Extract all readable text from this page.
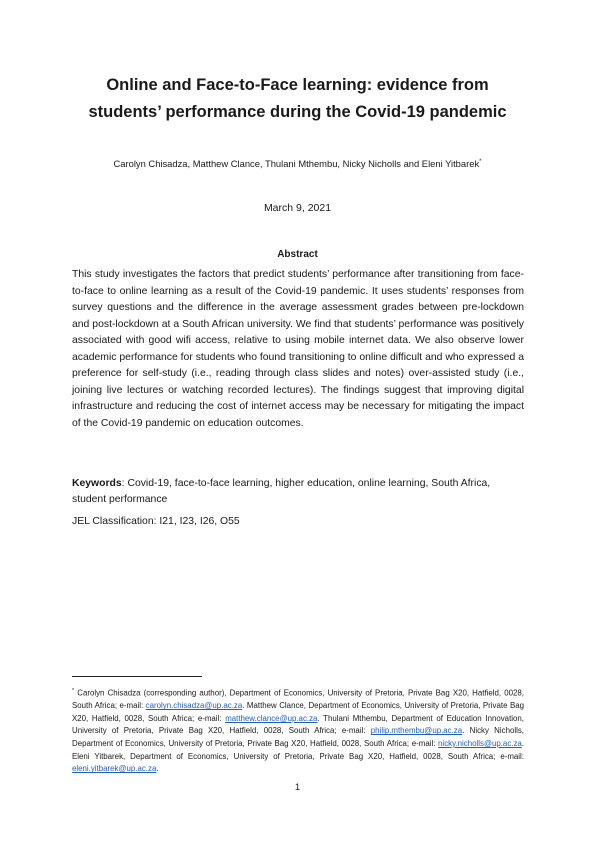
Online and Face-to-Face learning: evidence from
students’ performance during the Covid-19 pandemic
Carolyn Chisadza, Matthew Clance, Thulani Mthembu, Nicky Nicholls and Eleni Yitbarek*
March 9, 2021
Abstract

This study investigates the factors that predict students’ performance after transitioning from face-to-face to online learning as a result of the Covid-19 pandemic. It uses students’ responses from survey questions and the difference in the average assessment grades between pre-lockdown and post-lockdown at a South African university. We find that students’ performance was positively associated with good wifi access, relative to using mobile internet data. We also observe lower academic performance for students who found transitioning to online difficult and who expressed a preference for self-study (i.e., reading through class slides and notes) over-assisted study (i.e., joining live lectures or watching recorded lectures). The findings suggest that improving digital infrastructure and reducing the cost of internet access may be necessary for mitigating the impact of the Covid-19 pandemic on education outcomes.

Keywords: Covid-19, face-to-face learning, higher education, online learning, South Africa, student performance

JEL Classification: I21, I23, I26, O55

* Carolyn Chisadza (corresponding author), Department of Economics, University of Pretoria, Private Bag X20, Hatfield, 0028, South Africa; e-mail: carolyn.chisadza@up.ac.za. Matthew Clance, Department of Economics, University of Pretoria, Private Bag X20, Hatfield, 0028, South Africa; e-mail: matthew.clance@up.ac.za. Thulani Mthembu, Department of Education Innovation, University of Pretoria, Private Bag X20, Hatfield, 0028, South Africa; e-mail: philip.mthembu@up.ac.za. Nicky Nicholls, Department of Economics, University of Pretoria, Private Bag X20, Hatfield, 0028, South Africa; e-mail: nicky.nicholls@up.ac.za. Eleni Yitbarek, Department of Economics, University of Pretoria, Private Bag X20, Hatfield, 0028, South Africa; e-mail: eleni.yitbarek@up.ac.za.

1
